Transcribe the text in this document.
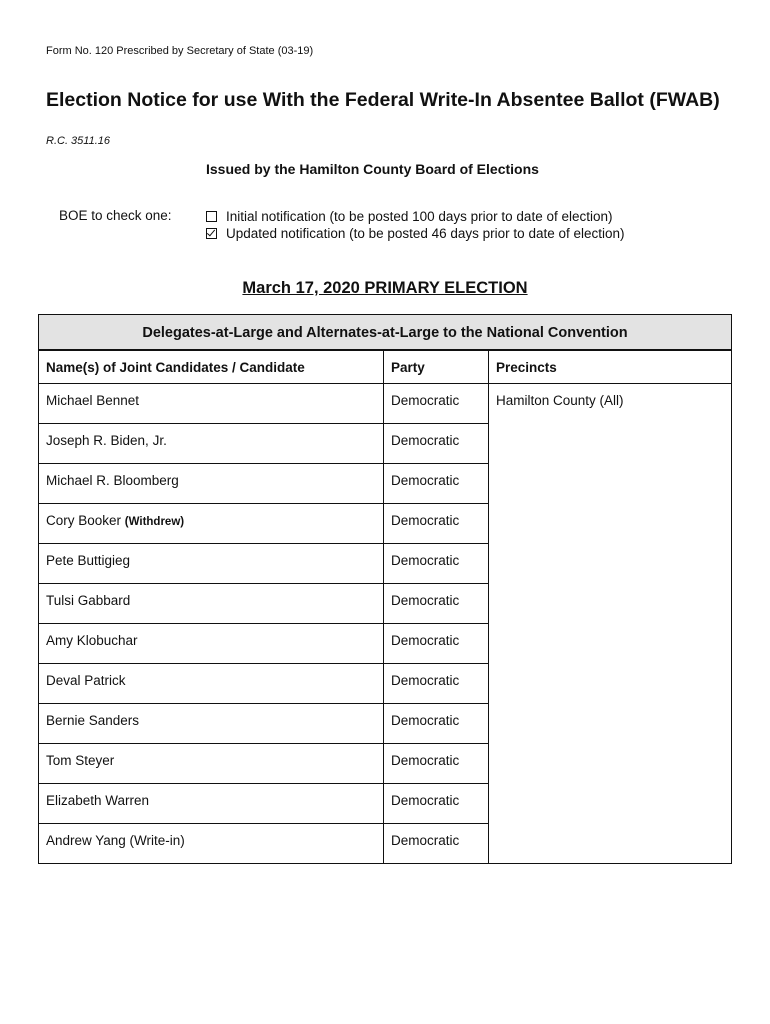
Form No. 120 Prescribed by Secretary of State (03-19)
Election Notice for use With the Federal Write-In Absentee Ballot (FWAB)
R.C. 3511.16
Issued by the Hamilton County Board of Elections
BOE to check one:	Initial notification (to be posted 100 days prior to date of election)
Updated notification (to be posted 46 days prior to date of election)
March 17, 2020 PRIMARY ELECTION
Delegates-at-Large and Alternates-at-Large to the National Convention
Name(s) of Joint Candidates / Candidate	Party	Precincts
Michael Bennet	Democratic	Hamilton County (All)
Joseph R. Biden, Jr.	Democratic	
Michael R. Bloomberg	Democratic	
Cory Booker (Withdrew)	Democratic	
Pete Buttigieg	Democratic	
Tulsi Gabbard	Democratic	
Amy Klobuchar	Democratic	
Deval Patrick	Democratic	
Bernie Sanders	Democratic	
Tom Steyer	Democratic	
Elizabeth Warren	Democratic	
Andrew Yang (Write-in)	Democratic	
